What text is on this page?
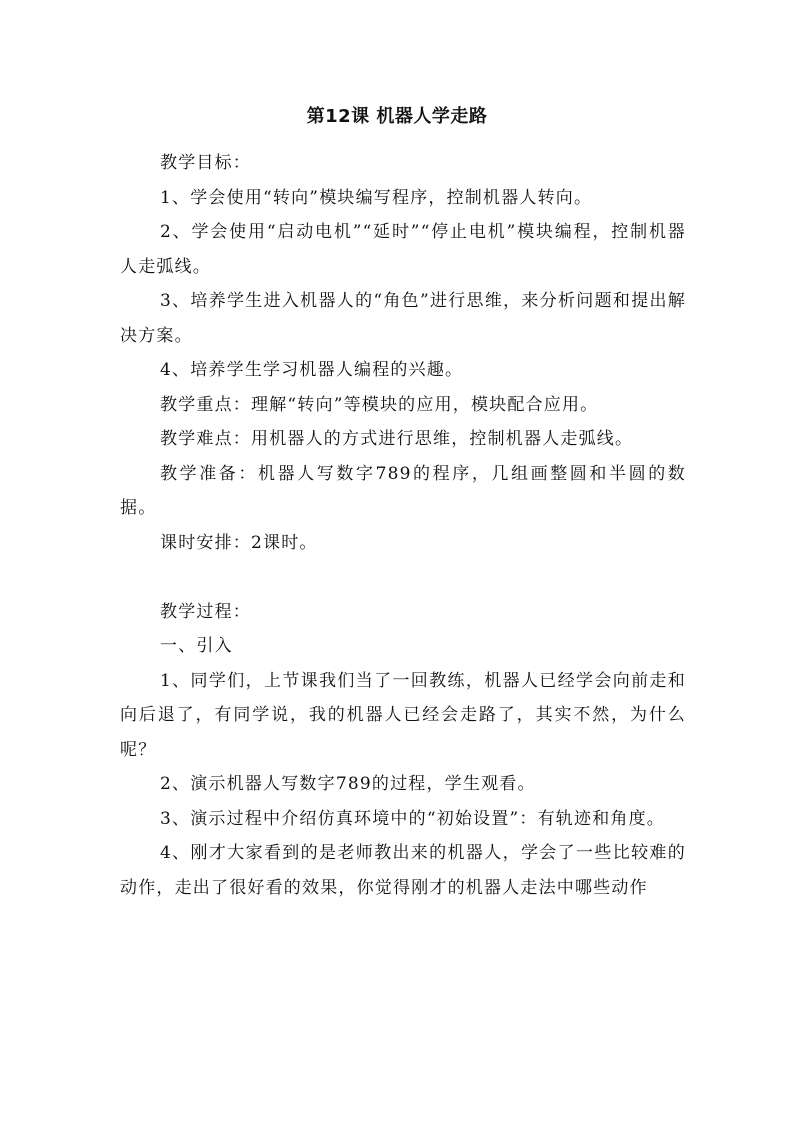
第12课 机器人学走路

教学目标：

1、学会使用“转向”模块编写程序，控制机器人转向。

2、学会使用“启动电机”“延时”“停止电机”模块编程，控制机器人走弧线。

3、培养学生进入机器人的“角色”进行思维，来分析问题和提出解决方案。

4、培养学生学习机器人编程的兴趣。

教学重点：理解“转向”等模块的应用，模块配合应用。

教学难点：用机器人的方式进行思维，控制机器人走弧线。

教学准备：机器人写数字789的程序，几组画整圆和半圆的数据。

课时安排：2课时。

教学过程：

一、引入

1、同学们，上节课我们当了一回教练，机器人已经学会向前走和向后退了，有同学说，我的机器人已经会走路了，其实不然，为什么呢？

2、演示机器人写数字789的过程，学生观看。

3、演示过程中介绍仿真环境中的“初始设置”：有轨迹和角度。

4、刚才大家看到的是老师教出来的机器人，学会了一些比较难的动作，走出了很好看的效果，你觉得刚才的机器人走法中哪些动作
